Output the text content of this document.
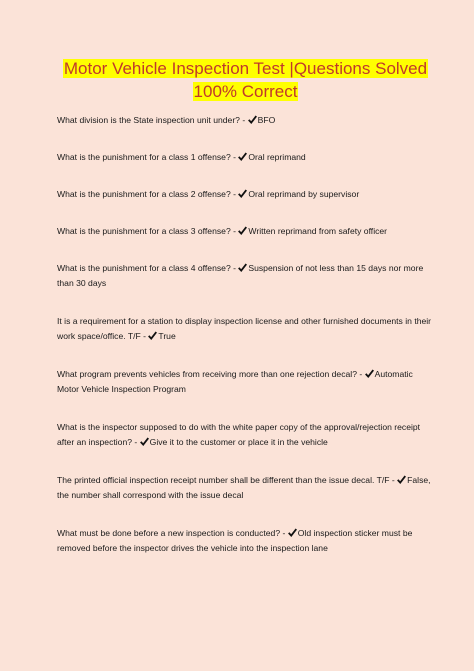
Motor Vehicle Inspection Test |Questions Solved
100% Correct

What division is the State inspection unit under? - BFO

What is the punishment for a class 1 offense? - Oral reprimand

What is the punishment for a class 2 offense? - Oral reprimand by supervisor

What is the punishment for a class 3 offense? - Written reprimand from safety officer

What is the punishment for a class 4 offense? - Suspension of not less than 15 days nor more than 30 days

It is a requirement for a station to display inspection license and other furnished documents in their work space/office. T/F - True

What program prevents vehicles from receiving more than one rejection decal? - Automatic Motor Vehicle Inspection Program

What is the inspector supposed to do with the white paper copy of the approval/rejection receipt after an inspection? - Give it to the customer or place it in the vehicle

The printed official inspection receipt number shall be different than the issue decal. T/F - False, the number shall correspond with the issue decal

What must be done before a new inspection is conducted? - Old inspection sticker must be removed before the inspector drives the vehicle into the inspection lane
